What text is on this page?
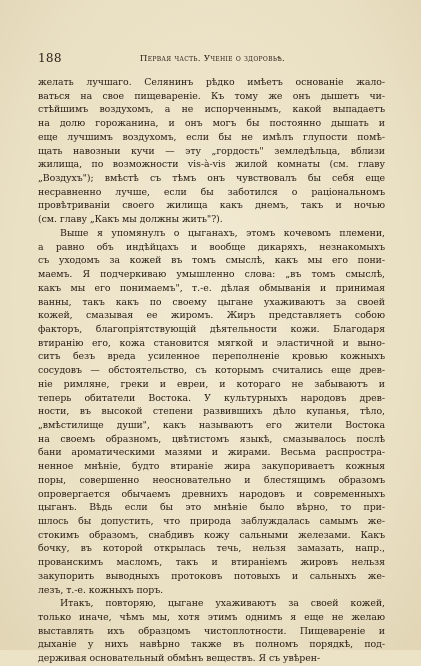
188	Первая часть. Ученiе о здоровьѣ.
желать лучшаго. Селянинъ рѣдко имѣетъ основанiе жало-
ваться на свое пищеваренiе. Къ тому же онъ дышетъ чи-
стѣйшимъ воздухомъ, а не испорченнымъ, какой выпадаетъ
на долю горожанина, и онъ могъ бы постоянно дышать и
еще лучшимъ воздухомъ, если бы не имѣлъ глупости помѣ-
щать навозныи кучи — эту „гордость" земледѣльца, вблизи
жилища, по возможности vis-à-vis жилой комнаты (см. главу
„Воздухъ"); вмѣстѣ съ тѣмъ онъ чувствовалъ бы себя еще
несравненно лучше, если бы заботился о рацiональномъ
провѣтриванiи своего жилища какъ днемъ, такъ и ночью
(см. главу „Какъ мы должны жить"?).
Выше я упомянулъ о цыганахъ, этомъ кочевомъ племени,
а равно объ индѣйцахъ и вообще дикаряхъ, незнакомыхъ
съ уходомъ за кожей въ томъ смыслѣ, какъ мы его пони-
маемъ. Я подчеркиваю умышленно слова: „въ томъ смыслѣ,
какъ мы его понимаемъ", т.-е. дѣлая обмыванiя и принимая
ванны, такъ какъ по своему цыгане ухаживаютъ за своей
кожей, смазывая ее жиромъ. Жиръ представляетъ собою
факторъ, благопрiятствующiй дѣятельности кожи. Благодаря
втиранiю его, кожа становится мягкой и эластичной и выно-
ситъ безъ вреда усиленное переполненiе кровью кожныхъ
сосудовъ — обстоятельство, съ которымъ считались еще древ-
нiе римляне, греки и евреи, и котораго не забываютъ и
теперь обитатели Востока. У культурныхъ народовъ древ-
ности, въ высокой степени развившихъ дѣло купанья, тѣло,
„вмѣстилище души", какъ называютъ его жители Востока
на своемъ образномъ, цвѣтистомъ языкѣ, смазывалось послѣ
бани ароматическими мазями и жирами. Весьма распростра-
ненное мнѣнiе, будто втиранiе жира закупориваетъ кожныя
поры, совершенно неосновательно и блестящимъ образомъ
опровергается обычаемъ древнихъ народовъ и современныхъ
цыганъ. Вѣдь если бы это мнѣнiе было вѣрно, то при-
шлось бы допустить, что природа заблуждалась самымъ же-
стокимъ образомъ, снабдивъ кожу сальными железами. Какъ
бочку, въ которой открылась течь, нельзя замазать, напр.,
прованскимъ масломъ, такъ и втиранiемъ жировъ нельзя
закупорить выводныхъ протоковъ потовыхъ и сальныхъ же-
лезъ, т.-е. кожныхъ поръ.
Итакъ, повторяю, цыгане ухаживаютъ за своей кожей,
только иначе, чѣмъ мы, хотя этимъ однимъ я еще не желаю
выставлять ихъ образцомъ чистоплотности. Пищеваренiе и
дыханiе у нихъ навѣрно также въ полномъ порядкѣ, под-
держивая основательный обмѣнъ веществъ. Я съ увѣрен-
